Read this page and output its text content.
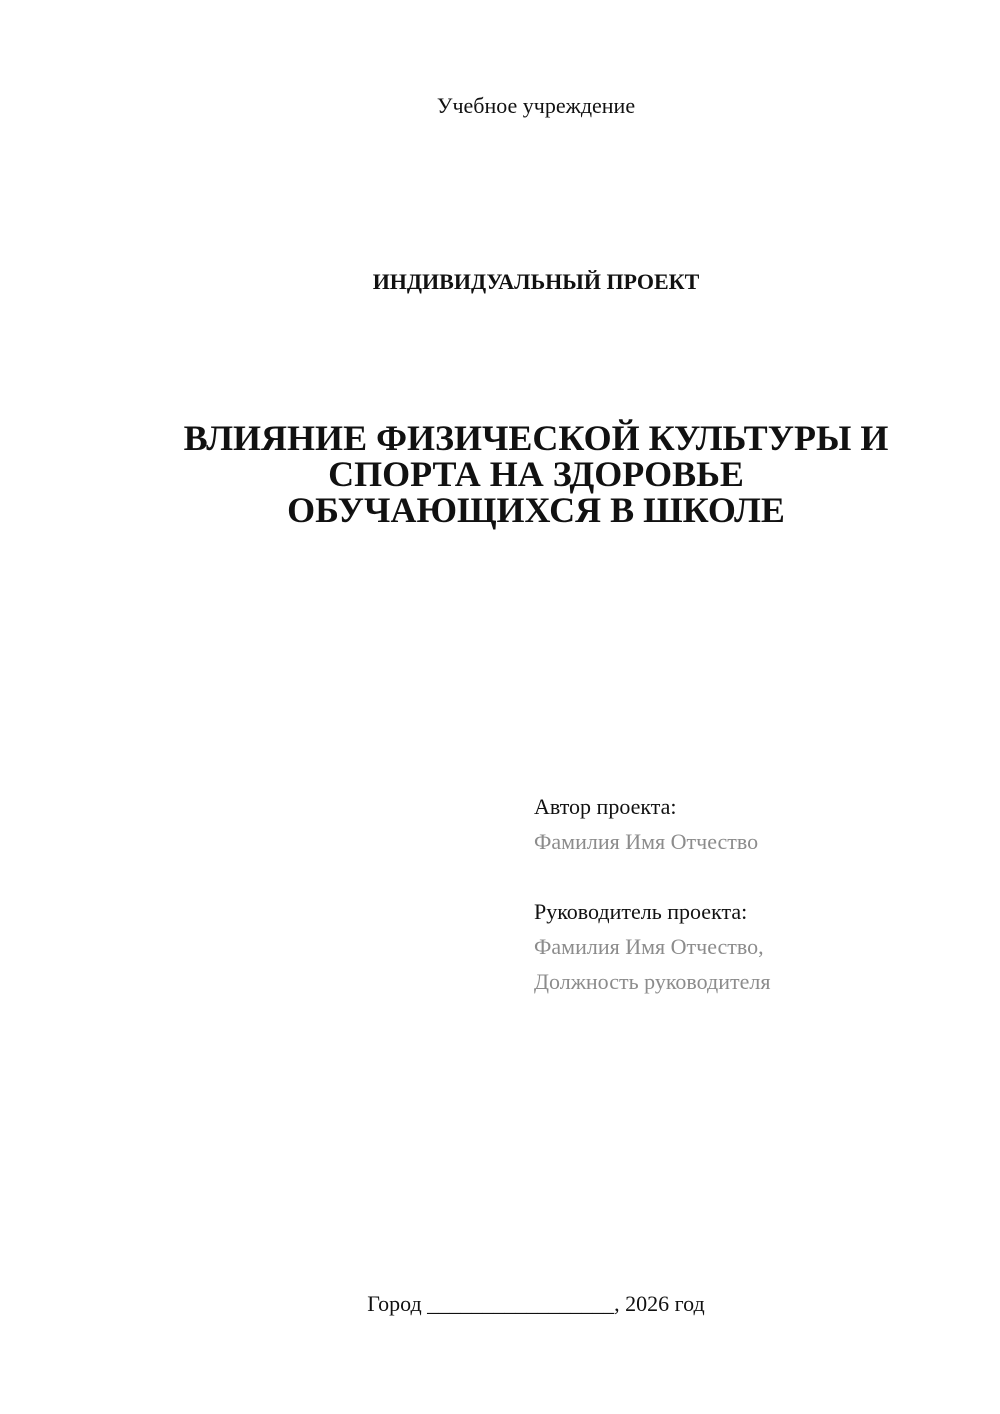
Учебное учреждение
ИНДИВИДУАЛЬНЫЙ ПРОЕКТ
ВЛИЯНИЕ ФИЗИЧЕСКОЙ КУЛЬТУРЫ И
СПОРТА НА ЗДОРОВЬЕ
ОБУЧАЮЩИХСЯ В ШКОЛЕ
Автор проекта:
Фамилия Имя Отчество
Руководитель проекта:
Фамилия Имя Отчество,
Должность руководителя
Город _________________, 2026 год
